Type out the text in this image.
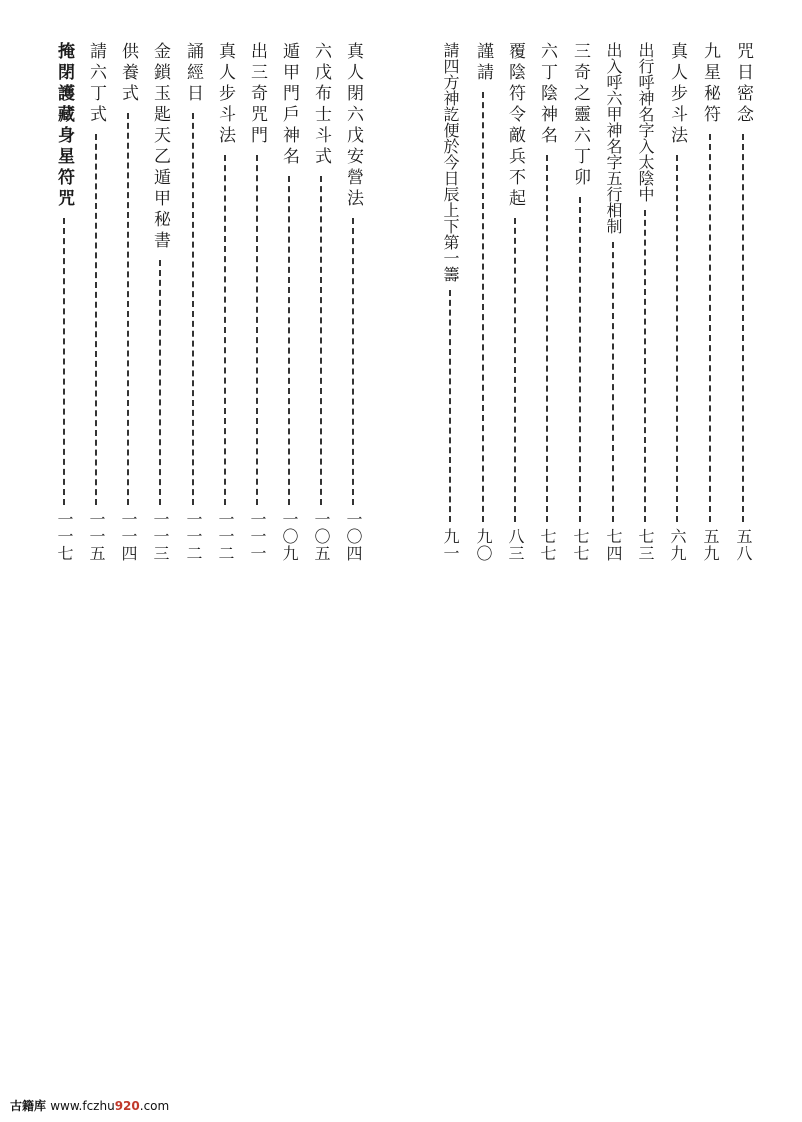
咒日密念
五八
九星秘符
五九
真人步斗法
六九
出行呼神名字入太陰中
七三
出入呼六甲神名字五行相制
七四
三奇之靈六丁卯
七七
六丁陰神名
七七
覆陰符令敵兵不起
八三
謹請
九〇
請四方神訖便於今日辰上下第一籌
九一
真人閉六戊安營法
一〇四
六戊布士斗式
一〇五
遁甲門戶神名
一〇九
出三奇咒門
一一一
真人步斗法
一一二
誦經日
一一二
金鎖玉匙天乙遁甲秘書
一一三
供養式
一一四
請六丁式
一一五
掩閉護藏身星符咒
一一七
古籍库 www.fczhu920.com
